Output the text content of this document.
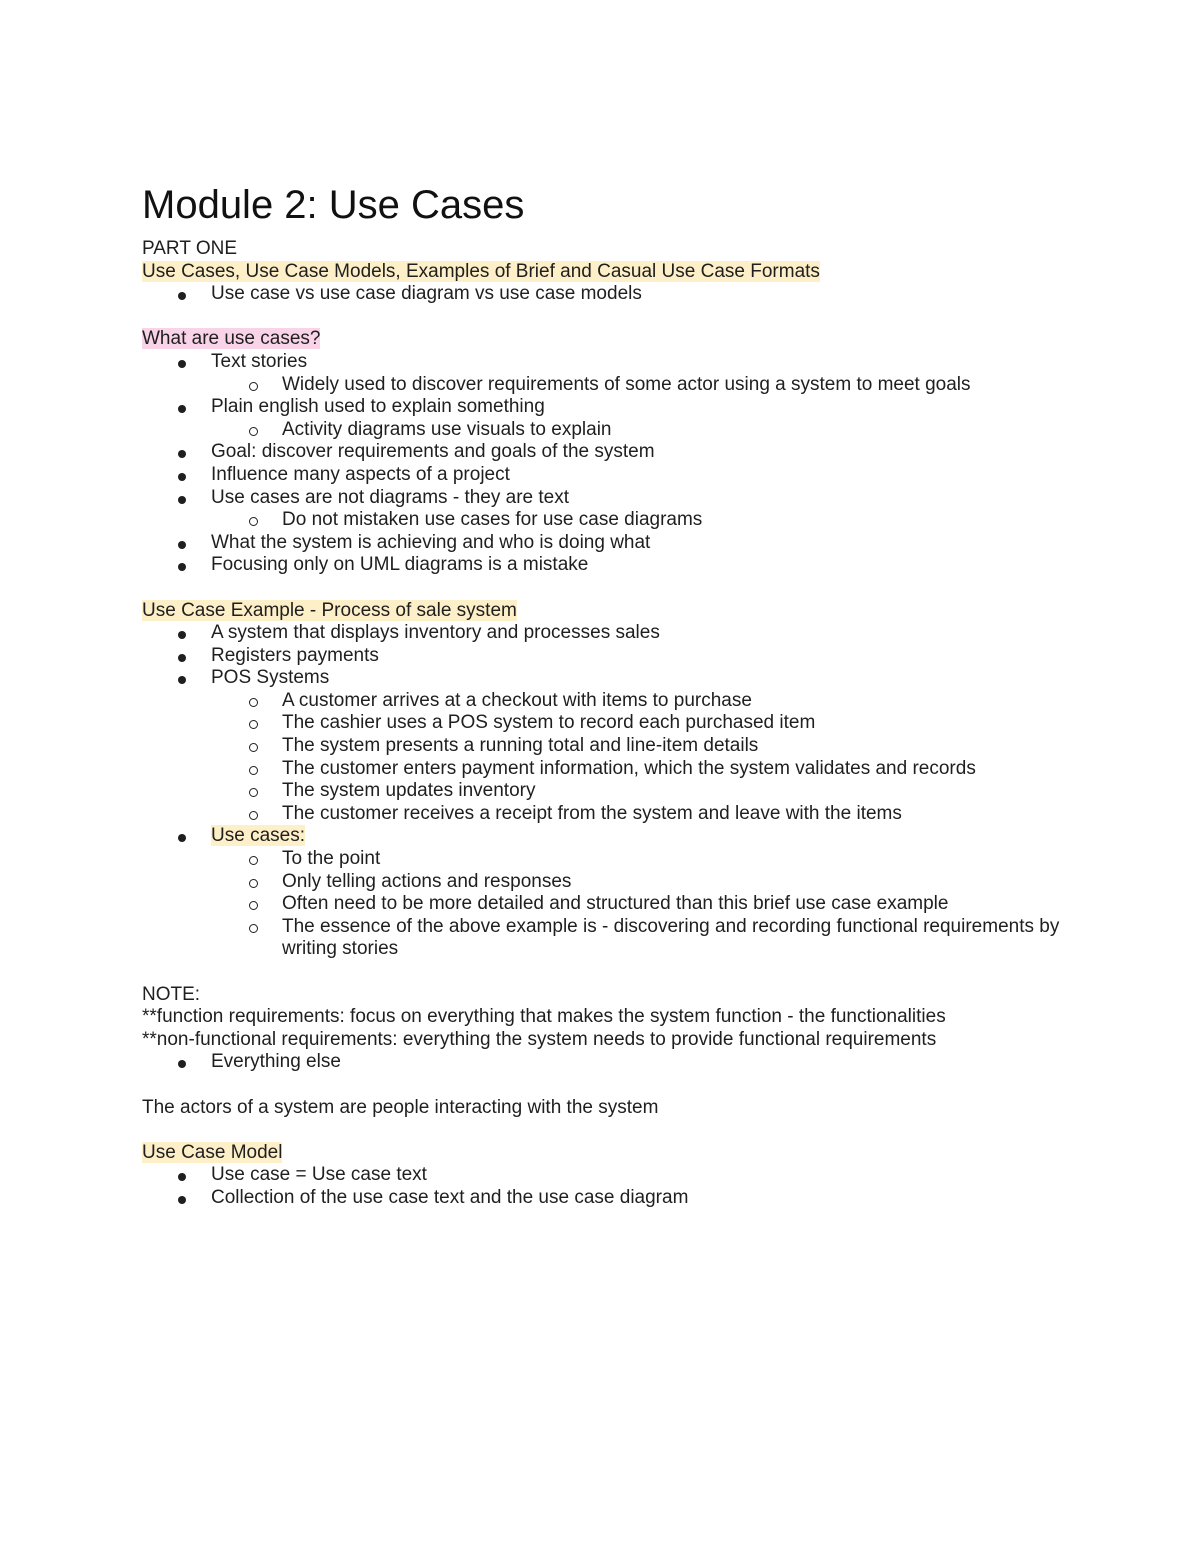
Module 2: Use Cases

PART ONE

Use Cases, Use Case Models, Examples of Brief and Casual Use Case Formats

Use case vs use case diagram vs use case models

What are use cases?

Text stories
Widely used to discover requirements of some actor using a system to meet goals
Plain english used to explain something
Activity diagrams use visuals to explain
Goal: discover requirements and goals of the system
Influence many aspects of a project
Use cases are not diagrams - they are text
Do not mistaken use cases for use case diagrams
What the system is achieving and who is doing what
Focusing only on UML diagrams is a mistake

Use Case Example - Process of sale system

A system that displays inventory and processes sales
Registers payments
POS Systems
A customer arrives at a checkout with items to purchase
The cashier uses a POS system to record each purchased item
The system presents a running total and line-item details
The customer enters payment information, which the system validates and records
The system updates inventory
The customer receives a receipt from the system and leave with the items
Use cases:
To the point
Only telling actions and responses
Often need to be more detailed and structured than this brief use case example
The essence of the above example is - discovering and recording functional requirements by writing stories

NOTE:

**function requirements: focus on everything that makes the system function - the functionalities

**non-functional requirements: everything the system needs to provide functional requirements

Everything else

The actors of a system are people interacting with the system

Use Case Model

Use case = Use case text
Collection of the use case text and the use case diagram
